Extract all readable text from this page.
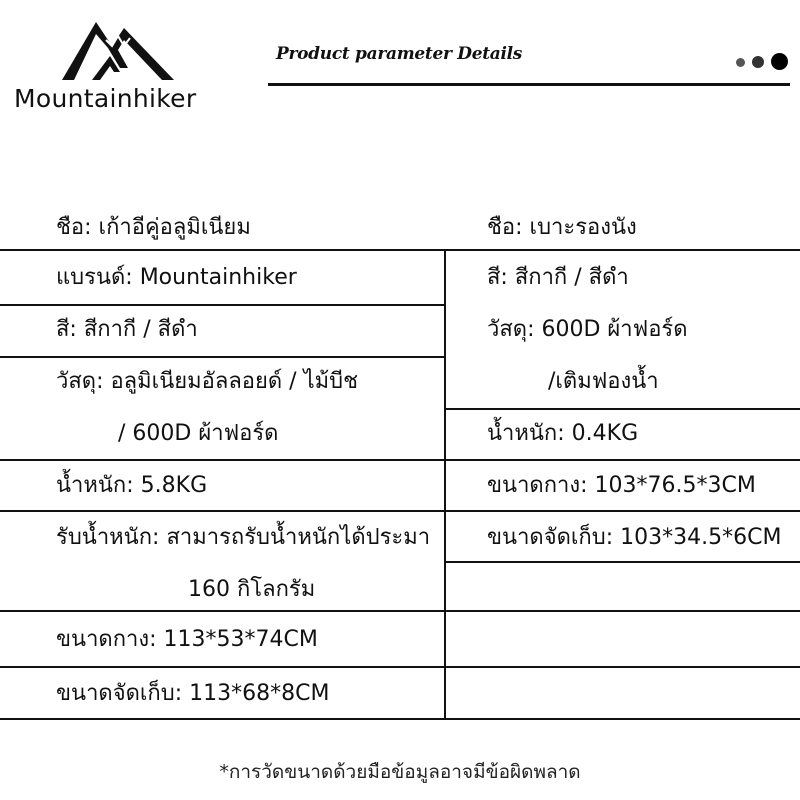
Mountainhiker
Product parameter Details
ชือ: เก้าอีคู่อลูมิเนียม
แบรนด์: Mountainhiker
สี: สีกากี / สีดำ
วัสดุ: อลูมิเนียมอัลลอยด์ / ไม้บีช
/ 600D ผ้าฟอร์ด
น้ำหนัก: 5.8KG
รับน้ำหนัก: สามารถรับน้ำหนักได้ประมา
160 กิโลกรัม
ขนาดกาง: 113*53*74CM
ขนาดจัดเก็บ: 113*68*8CM
ชือ: เบาะรองนัง
สี: สีกากี / สีดำ
วัสดุ: 600D ผ้าฟอร์ด
/เติมฟองน้ำ
น้ำหนัก: 0.4KG
ขนาดกาง: 103*76.5*3CM
ขนาดจัดเก็บ: 103*34.5*6CM
*การวัดขนาดด้วยมือข้อมูลอาจมีข้อผิดพลาด
